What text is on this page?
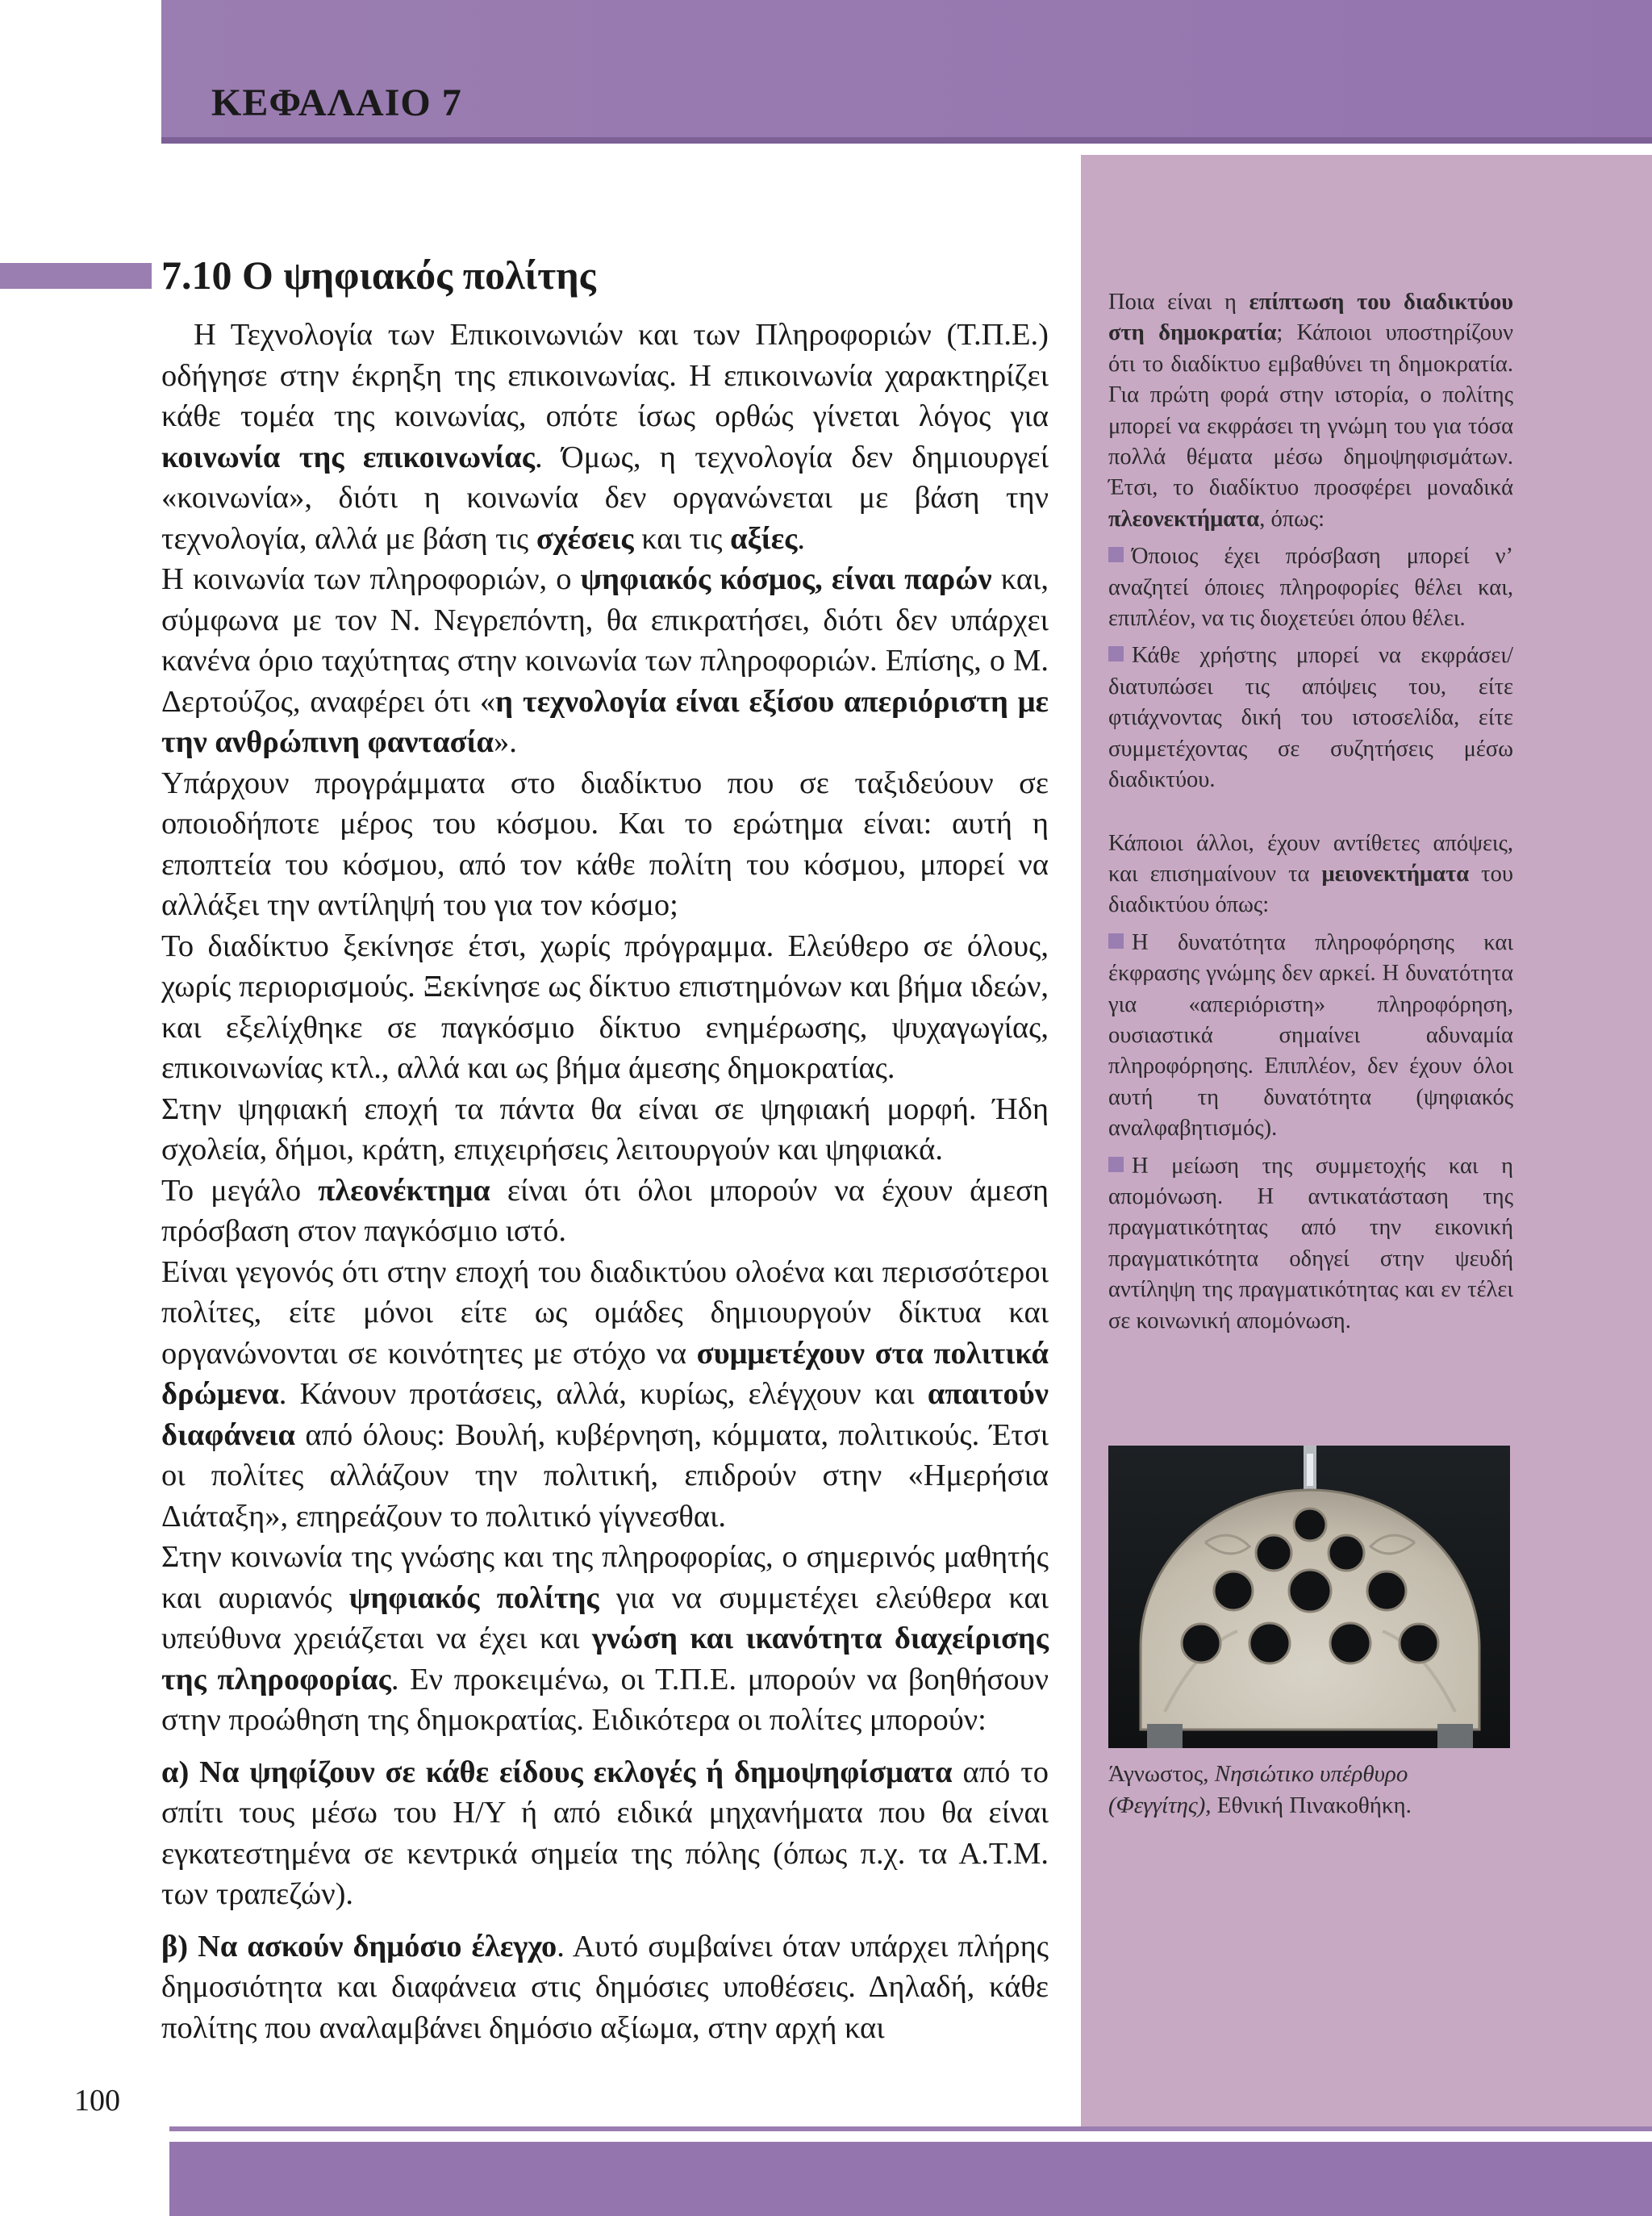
ΚΕΦΑΛΑΙΟ 7
7.10 Ο ψηφιακός πολίτης

Η Τεχνολογία των Επικοινωνιών και των Πληροφοριών (Τ.Π.Ε.) οδήγησε στην έκρηξη της επικοινωνίας. Η επικοινωνία χαρακτηρίζει κάθε τομέα της κοινωνίας, οπότε ίσως ορθώς γίνεται λόγος για κοινωνία της επικοινωνίας. Όμως, η τεχνολογία δεν δημιουργεί «κοινωνία», διότι η κοινωνία δεν οργανώνεται με βάση την τεχνολογία, αλλά με βάση τις σχέσεις και τις αξίες.

Η κοινωνία των πληροφοριών, ο ψηφιακός κόσμος, είναι παρών και, σύμφωνα με τον Ν. Νεγρεπόντη, θα επικρατήσει, διότι δεν υπάρχει κανένα όριο ταχύτητας στην κοινωνία των πληροφοριών. Επίσης, ο Μ. Δερτούζος, αναφέρει ότι «η τεχνολογία είναι εξίσου απεριόριστη με την ανθρώπινη φαντασία».

Υπάρχουν προγράμματα στο διαδίκτυο που σε ταξιδεύουν σε οποιοδήποτε μέρος του κόσμου. Και το ερώτημα είναι: αυτή η εποπτεία του κόσμου, από τον κάθε πολίτη του κόσμου, μπορεί να αλλάξει την αντίληψή του για τον κόσμο;

Το διαδίκτυο ξεκίνησε έτσι, χωρίς πρόγραμμα. Ελεύθερο σε όλους, χωρίς περιορισμούς. Ξεκίνησε ως δίκτυο επιστημόνων και βήμα ιδεών, και εξελίχθηκε σε παγκόσμιο δίκτυο ενημέρωσης, ψυχαγωγίας, επικοινωνίας κτλ., αλλά και ως βήμα άμεσης δημοκρατίας.

Στην ψηφιακή εποχή τα πάντα θα είναι σε ψηφιακή μορφή. Ήδη σχολεία, δήμοι, κράτη, επιχειρήσεις λειτουργούν και ψηφιακά.

Το μεγάλο πλεονέκτημα είναι ότι όλοι μπορούν να έχουν άμεση πρόσβαση στον παγκόσμιο ιστό.

Είναι γεγονός ότι στην εποχή του διαδικτύου ολοένα και περισσότεροι πολίτες, είτε μόνοι είτε ως ομάδες δημιουργούν δίκτυα και οργανώνονται σε κοινότητες με στόχο να συμμετέχουν στα πολιτικά δρώμενα. Κάνουν προτάσεις, αλλά, κυρίως, ελέγχουν και απαιτούν διαφάνεια από όλους: Βουλή, κυβέρνηση, κόμματα, πολιτικούς. Έτσι οι πολίτες αλλάζουν την πολιτική, επιδρούν στην «Ημερήσια Διάταξη», επηρεάζουν το πολιτικό γίγνεσθαι.

Στην κοινωνία της γνώσης και της πληροφορίας, ο σημερινός μαθητής και αυριανός ψηφιακός πολίτης για να συμμετέχει ελεύθερα και υπεύθυνα χρειάζεται να έχει και γνώση και ικανότητα διαχείρισης της πληροφορίας. Εν προκειμένω, οι Τ.Π.Ε. μπορούν να βοηθήσουν στην προώθηση της δημοκρατίας. Ειδικότερα οι πολίτες μπορούν:

α) Να ψηφίζουν σε κάθε είδους εκλογές ή δημοψηφίσματα από το σπίτι τους μέσω του Η/Υ ή από ειδικά μηχανήματα που θα είναι εγκατεστημένα σε κεντρικά σημεία της πόλης (όπως π.χ. τα Α.Τ.Μ. των τραπεζών).

β) Να ασκούν δημόσιο έλεγχο. Αυτό συμβαίνει όταν υπάρχει πλήρης δημοσιότητα και διαφάνεια στις δημόσιες υποθέσεις. Δηλαδή, κάθε πολίτης που αναλαμβάνει δημόσιο αξίωμα, στην αρχή και

Ποια είναι η επίπτωση του διαδικτύου στη δημοκρατία; Κάποιοι υποστηρίζουν ότι το διαδίκτυο εμβαθύνει τη δημοκρατία. Για πρώτη φορά στην ιστορία, ο πολίτης μπορεί να εκφράσει τη γνώμη του για τόσα πολλά θέματα μέσω δημοψηφισμάτων. Έτσι, το διαδίκτυο προσφέρει μοναδικά πλεονεκτήματα, όπως:

Όποιος έχει πρόσβαση μπορεί ν’ αναζητεί όποιες πληροφορίες θέλει και, επιπλέον, να τις διοχετεύει όπου θέλει.

Κάθε χρήστης μπορεί να εκφράσει/διατυπώσει τις απόψεις του, είτε φτιάχνοντας δική του ιστοσελίδα, είτε συμμετέχοντας σε συζητήσεις μέσω διαδικτύου.

Κάποιοι άλλοι, έχουν αντίθετες απόψεις, και επισημαίνουν τα μειονεκτήματα του διαδικτύου όπως:

Η δυνατότητα πληροφόρησης και έκφρασης γνώμης δεν αρκεί. Η δυνατότητα για «απεριόριστη» πληροφόρηση, ουσιαστικά σημαίνει αδυναμία πληροφόρησης. Επιπλέον, δεν έχουν όλοι αυτή τη δυνατότητα (ψηφιακός αναλφαβητισμός).

Η μείωση της συμμετοχής και η απομόνωση. Η αντικατάσταση της πραγματικότητας από την εικονική πραγματικότητα οδηγεί στην ψευδή αντίληψη της πραγματικότητας και εν τέλει σε κοινωνική απομόνωση.

Άγνωστος, Νησιώτικο υπέρθυρο (Φεγγίτης), Εθνική Πινακοθήκη.
100
